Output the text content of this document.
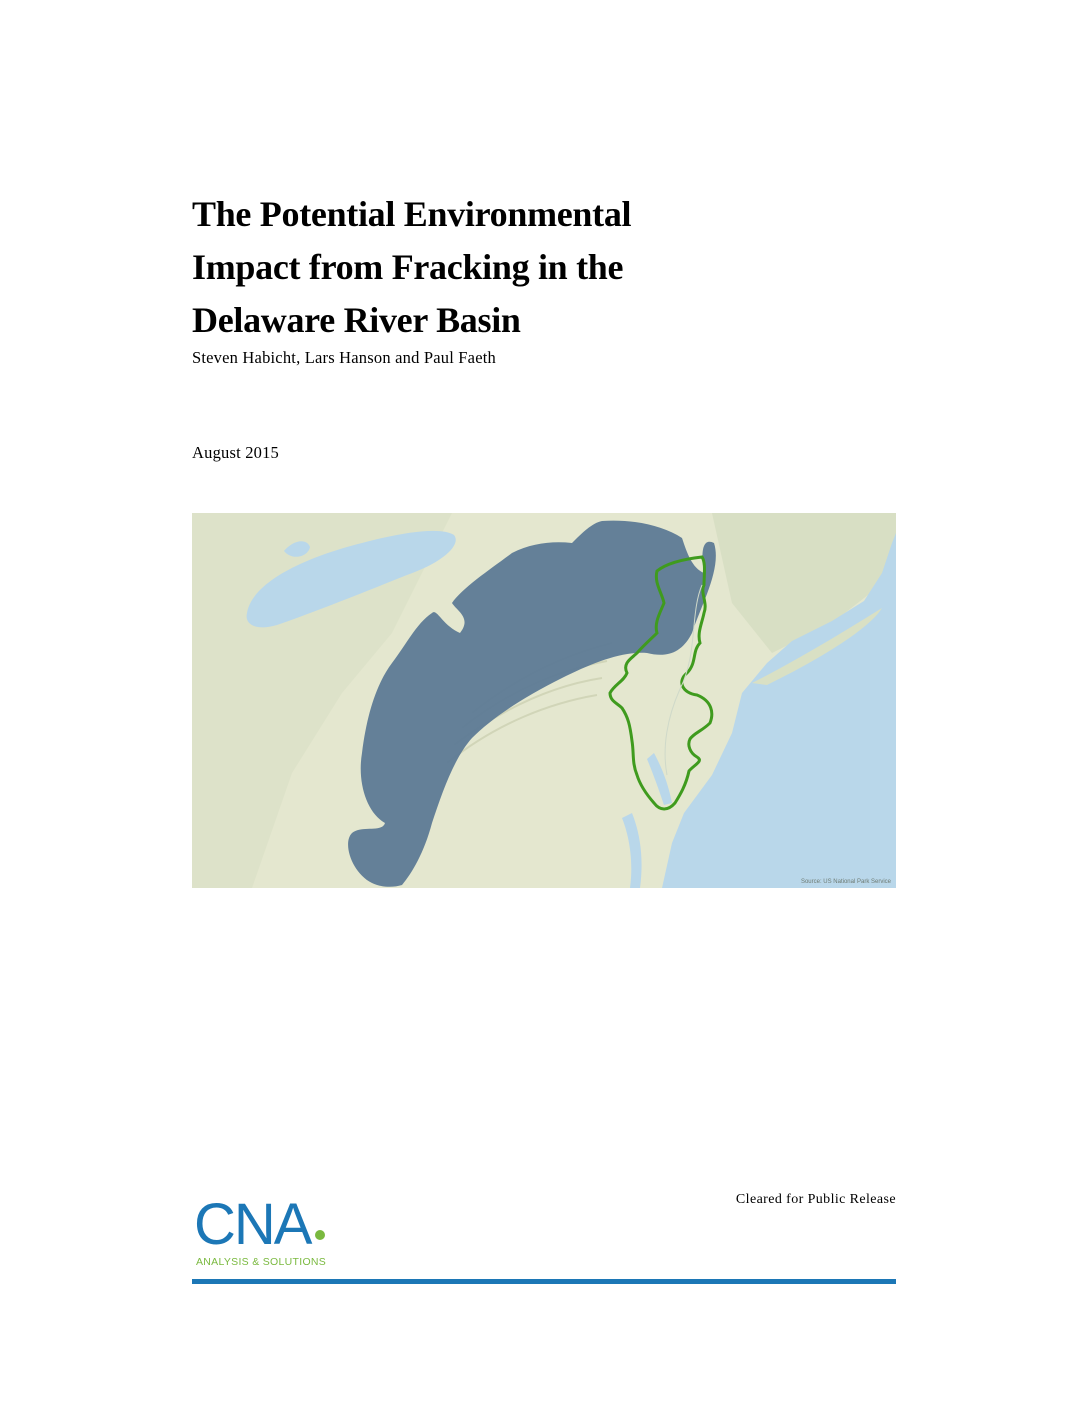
The Potential Environmental
Impact from Fracking in the
Delaware River Basin
Steven Habicht, Lars Hanson and Paul Faeth
August 2015
Source: US National Park Service
Cleared for Public Release
CNA
ANALYSIS & SOLUTIONS
